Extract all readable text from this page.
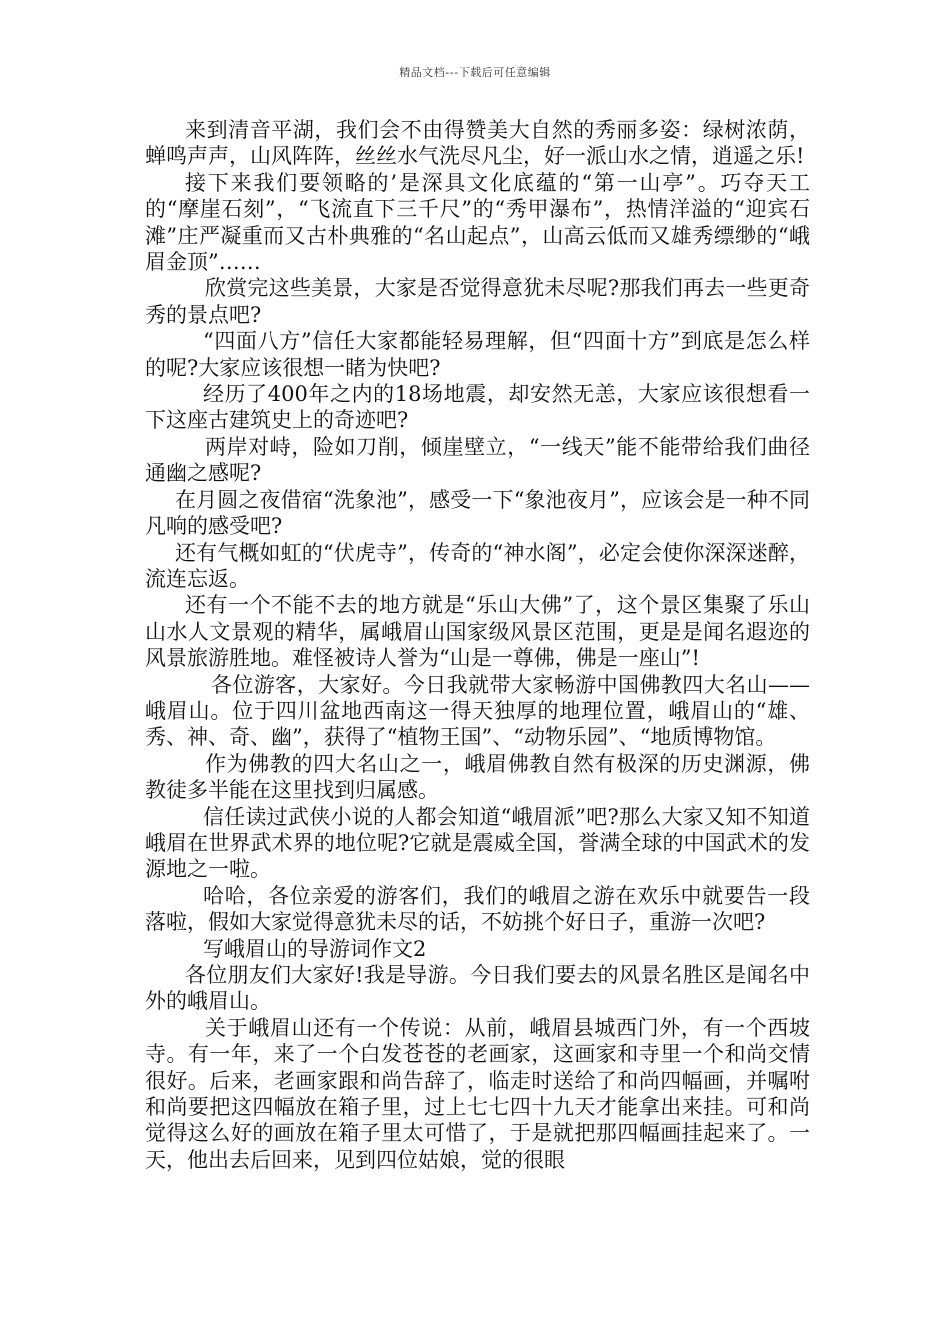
精品文档---下载后可任意编辑

来到清音平湖，我们会不由得赞美大自然的秀丽多姿：绿树浓荫，蝉鸣声声，山风阵阵，丝丝水气洗尽凡尘，好一派山水之情，逍遥之乐!

接下来我们要领略的’是深具文化底蕴的“第一山亭”。巧夺天工的“摩崖石刻”，“飞流直下三千尺”的“秀甲瀑布”，热情洋溢的“迎宾石滩”庄严凝重而又古朴典雅的“名山起点”，山高云低而又雄秀缥缈的“峨眉金顶”……

欣赏完这些美景，大家是否觉得意犹未尽呢?那我们再去一些更奇秀的景点吧?

“四面八方”信任大家都能轻易理解，但“四面十方”到底是怎么样的呢?大家应该很想一睹为快吧?

经历了400年之内的18场地震，却安然无恙，大家应该很想看一下这座古建筑史上的奇迹吧?

两岸对峙，险如刀削，倾崖壁立，“一线天”能不能带给我们曲径通幽之感呢?

在月圆之夜借宿“洗象池”，感受一下“象池夜月”，应该会是一种不同凡响的感受吧?

还有气概如虹的“伏虎寺”，传奇的“神水阁”，必定会使你深深迷醉，流连忘返。

还有一个不能不去的地方就是“乐山大佛”了，这个景区集聚了乐山山水人文景观的精华，属峨眉山国家级风景区范围，更是是闻名遐迩的风景旅游胜地。难怪被诗人誉为“山是一尊佛，佛是一座山”!

各位游客，大家好。今日我就带大家畅游中国佛教四大名山——峨眉山。位于四川盆地西南这一得天独厚的地理位置，峨眉山的“雄、秀、神、奇、幽”，获得了“植物王国”、“动物乐园”、“地质博物馆。

作为佛教的四大名山之一，峨眉佛教自然有极深的历史渊源，佛教徒多半能在这里找到归属感。

信任读过武侠小说的人都会知道“峨眉派”吧?那么大家又知不知道峨眉在世界武术界的地位呢?它就是震威全国，誉满全球的中国武术的发源地之一啦。

哈哈，各位亲爱的游客们，我们的峨眉之游在欢乐中就要告一段落啦，假如大家觉得意犹未尽的话，不妨挑个好日子，重游一次吧?

写峨眉山的导游词作文2

各位朋友们大家好!我是导游。今日我们要去的风景名胜区是闻名中外的峨眉山。

关于峨眉山还有一个传说：从前，峨眉县城西门外，有一个西坡寺。有一年，来了一个白发苍苍的老画家，这画家和寺里一个和尚交情很好。后来，老画家跟和尚告辞了，临走时送给了和尚四幅画，并嘱咐和尚要把这四幅放在箱子里，过上七七四十九天才能拿出来挂。可和尚觉得这么好的画放在箱子里太可惜了，于是就把那四幅画挂起来了。一天，他出去后回来，见到四位姑娘，觉的很眼
